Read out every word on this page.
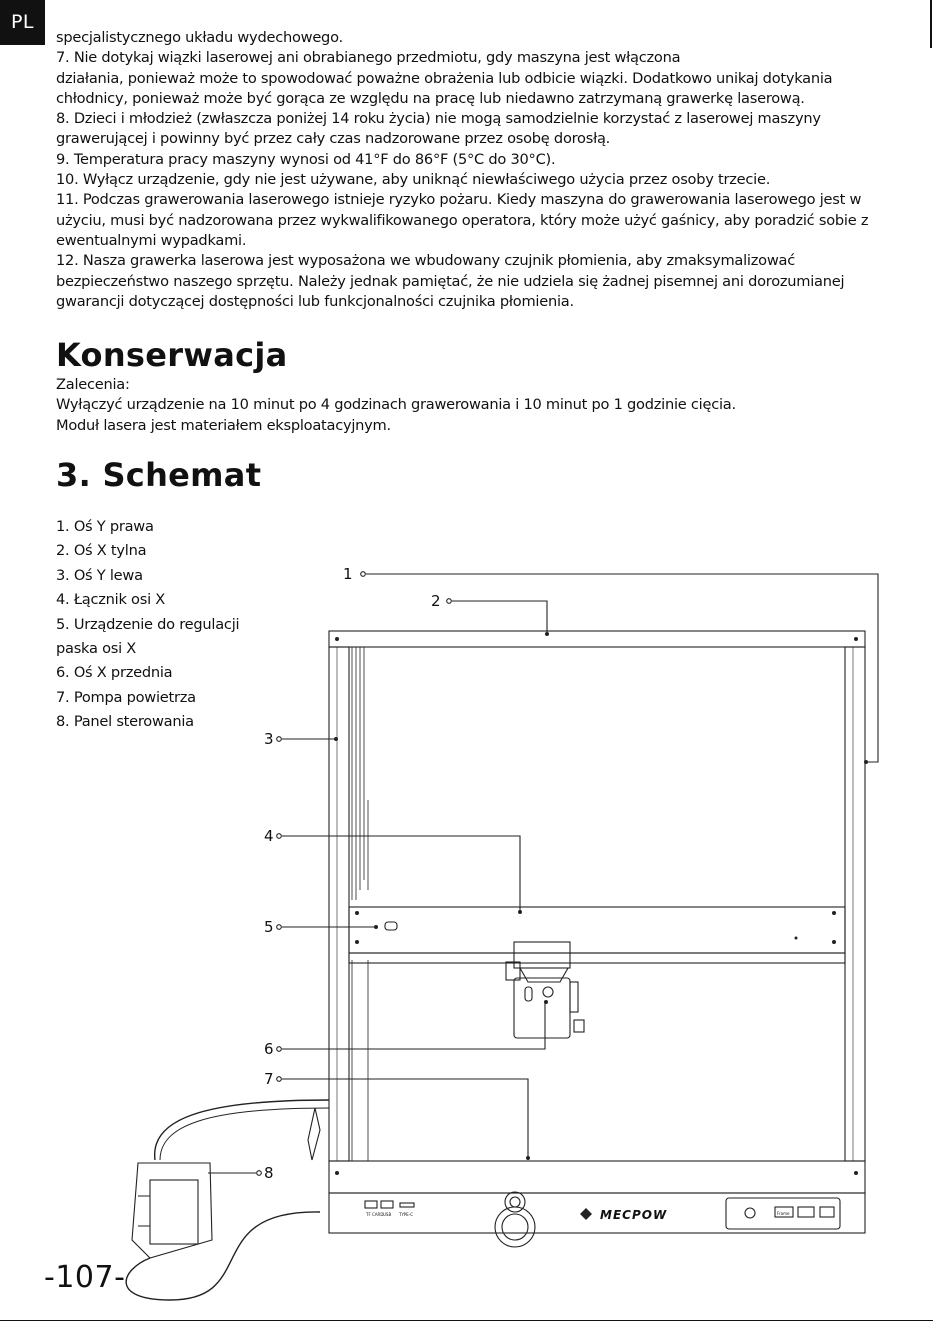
PL

specjalistycznego układu wydechowego.

7. Nie dotykaj wiązki laserowej ani obrabianego przedmiotu, gdy maszyna jest włączona

działania, ponieważ może to spowodować poważne obrażenia lub odbicie wiązki. Dodatkowo unikaj dotykania chłodnicy, ponieważ może być gorąca ze względu na pracę lub niedawno zatrzymaną grawerkę laserową.

8. Dzieci i młodzież (zwłaszcza poniżej 14 roku życia) nie mogą samodzielnie korzystać z laserowej maszyny grawerującej i powinny być przez cały czas nadzorowane przez osobę dorosłą.

9. Temperatura pracy maszyny wynosi od 41°F do 86°F (5°C do 30°C).

10. Wyłącz urządzenie, gdy nie jest używane, aby uniknąć niewłaściwego użycia przez osoby trzecie.

11. Podczas grawerowania laserowego istnieje ryzyko pożaru. Kiedy maszyna do grawerowania laserowego jest w użyciu, musi być nadzorowana przez wykwalifikowanego operatora, który może użyć gaśnicy, aby poradzić sobie z ewentualnymi wypadkami.

12. Nasza grawerka laserowa jest wyposażona we wbudowany czujnik płomienia, aby zmaksymalizować bezpieczeństwo naszego sprzętu. Należy jednak pamiętać, że nie udziela się żadnej pisemnej ani dorozumianej gwarancji dotyczącej dostępności lub funkcjonalności czujnika płomienia.

Konserwacja

Zalecenia:

Wyłączyć urządzenie na 10 minut po 4 godzinach grawerowania i 10 minut po 1 godzinie cięcia.

Moduł lasera jest materiałem eksploatacyjnym.

3. Schemat

1. Oś Y prawa

2. Oś X tylna

3. Oś Y lewa

4. Łącznik osi X

5. Urządzenie do regulacji

paska osi X

6. Oś X przednia

7. Pompa powietrza

8. Panel sterowania

1
2
3
4
5
6
7
8
TF CARD USB TYPE-C	MECPOW	Frame
-107-
